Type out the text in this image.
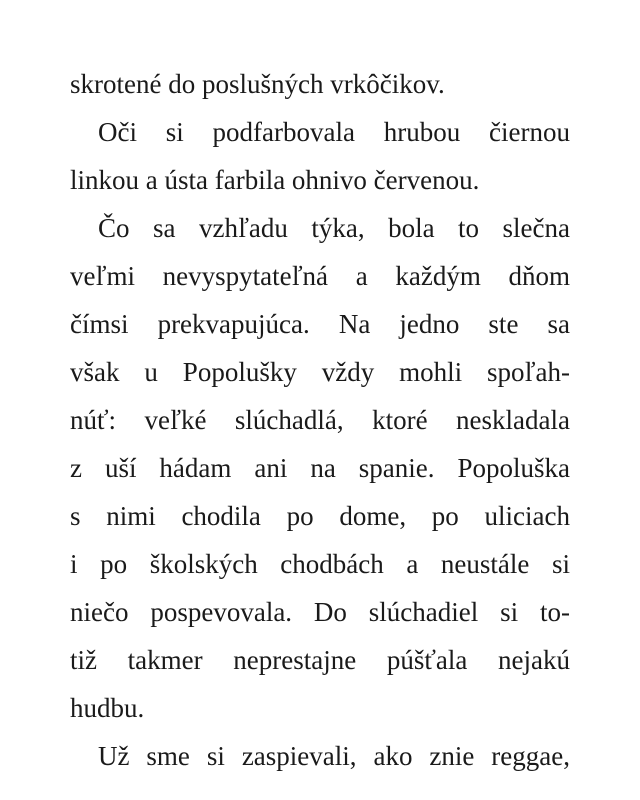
skrotené do poslušných vrkôčikov.
Oči si podfarbovala hrubou čiernou
linkou a ústa farbila ohnivo červenou.
Čo sa vzhľadu týka, bola to slečna
veľmi nevyspytateľná a každým dňom
čímsi prekvapujúca. Na jedno ste sa
však u Popolušky vždy mohli spoľah-
núť: veľké slúchadlá, ktoré neskladala
z uší hádam ani na spanie. Popoluška
s nimi chodila po dome, po uliciach
i po školských chodbách a neustále si
niečo pospevovala. Do slúchadiel si to-
tiž takmer neprestajne púšťala nejakú
hudbu.
Už sme si zaspievali, ako znie reggae,
